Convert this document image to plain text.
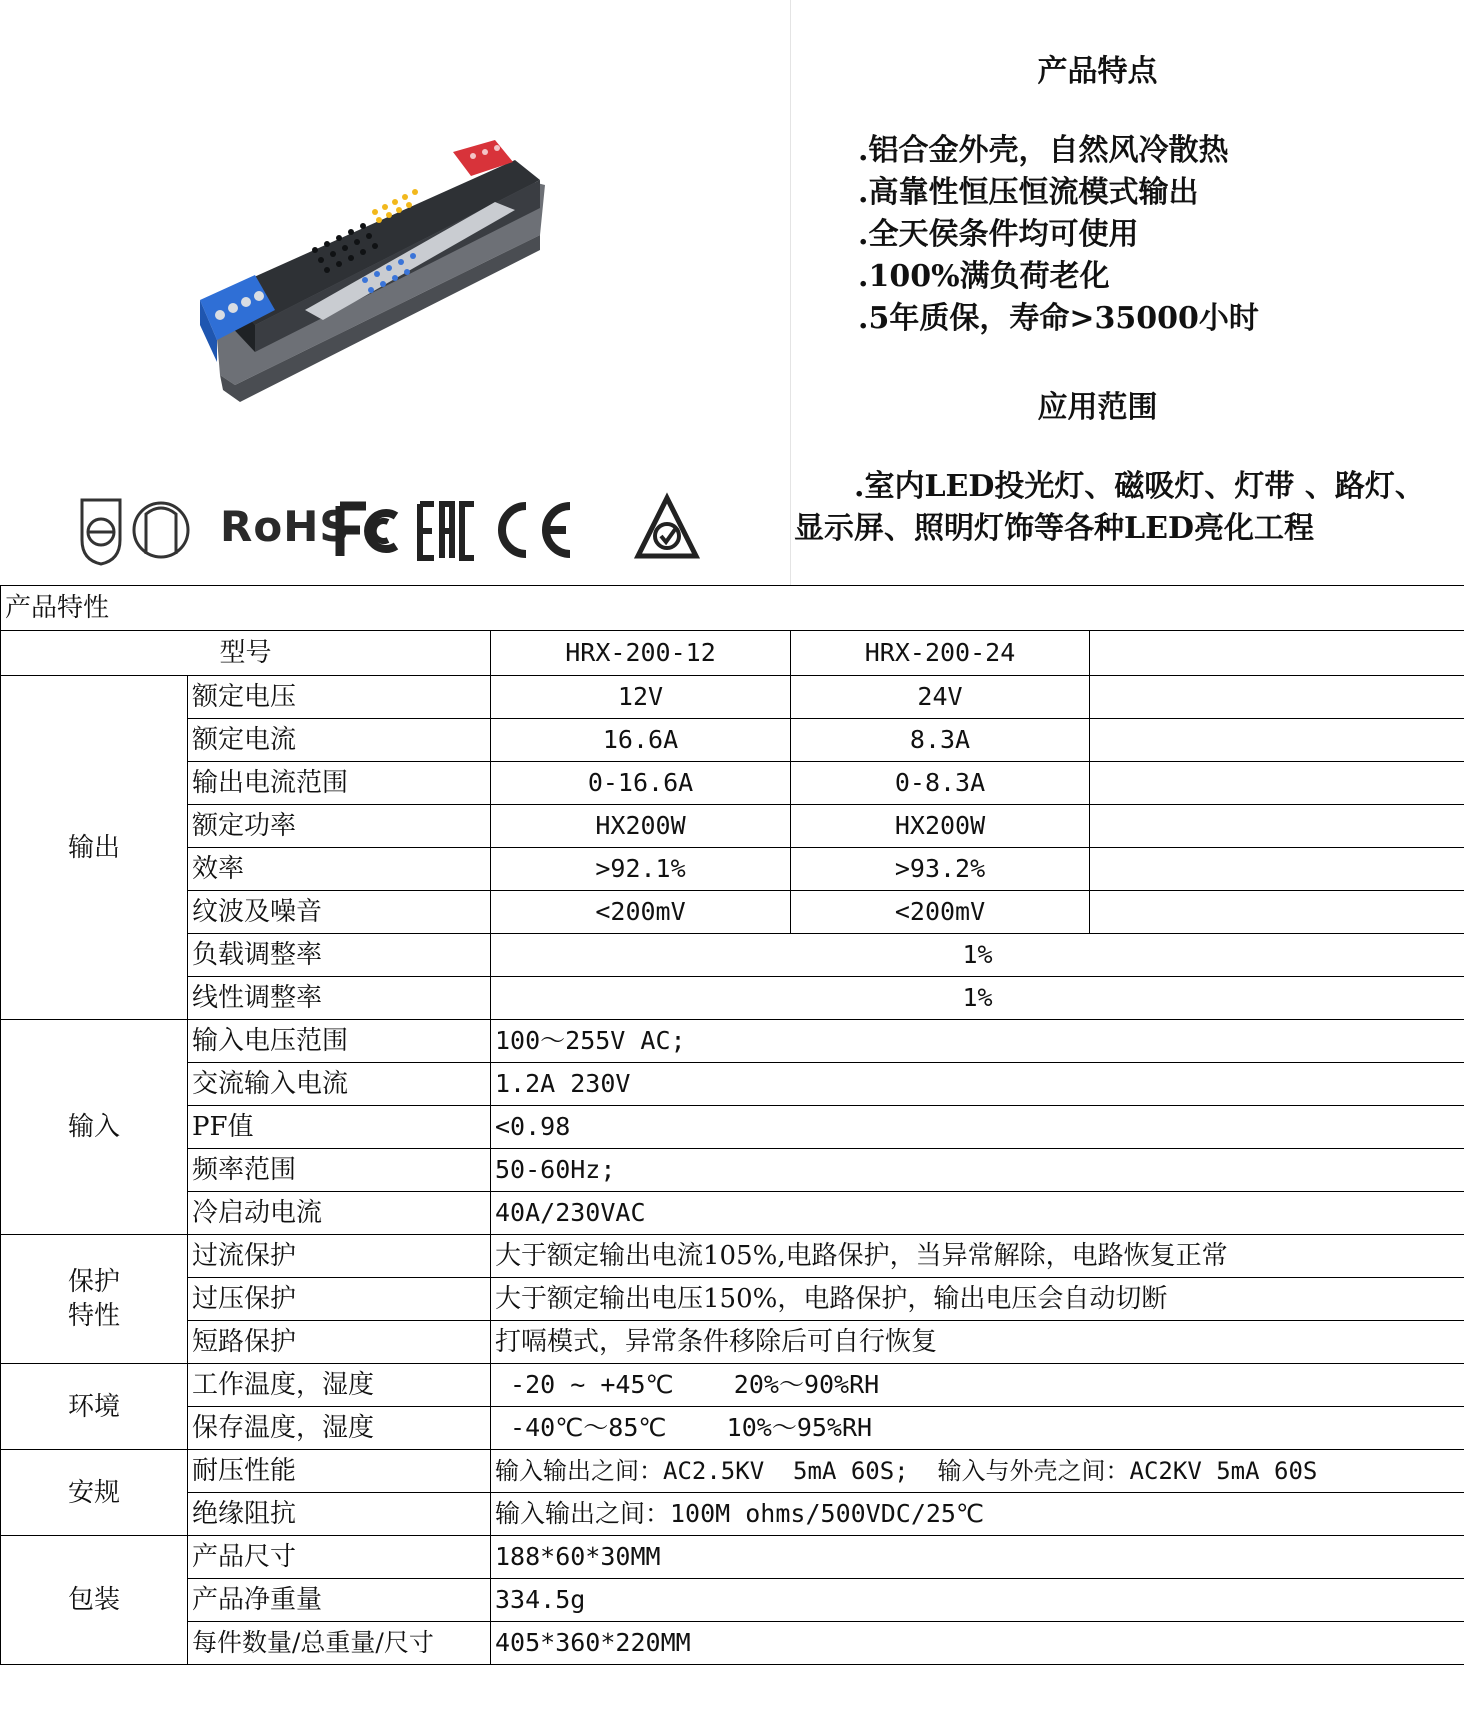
RoHS
产品特点
.铝合金外壳，自然风冷散热
.高靠性恒压恒流模式输出
.全天侯条件均可使用
.100%满负荷老化
.5年质保，寿命>35000小时
应用范围
.室内LED投光灯、磁吸灯、灯带 、路灯、显示屏、照明灯饰等各种LED亮化工程
产品特性				
型号		HRX-200-12	HRX-200-24	
输出	额定电压	12V	24V	
	额定电流	16.6A	8.3A	
	输出电流范围	0-16.6A	0-8.3A	
	额定功率	HX200W	HX200W	
	效率	>92.1%	>93.2%	
	纹波及噪音	<200mV	<200mV	
	负载调整率	1%		
	线性调整率	1%		
输入	输入电压范围	100～255V AC;		
	交流输入电流	1.2A 230V		
	PF值	<0.98		
	频率范围	50-60Hz;		
	冷启动电流	40A/230VAC		

保护
特性	过流保护	大于额定输出电流105%,电路保护，当异常解除，电路恢复正常		
	过压保护	大于额定输出电压150%，电路保护，输出电压会自动切断		
	短路保护	打嗝模式，异常条件移除后可自行恢复		
环境	工作温度，湿度	-20 ~ +45℃    20%～90%RH		
	保存温度，湿度	-40℃～85℃    10%～95%RH		
安规	耐压性能	输入输出之间：AC2.5KV  5mA 60S;  输入与外壳之间：AC2KV 5mA 60S		
	绝缘阻抗	输入输出之间：100M ohms/500VDC/25℃		
包装	产品尺寸	188*60*30MM		
	产品净重量	334.5g		
	每件数量/总重量/尺寸	405*360*220MM		
